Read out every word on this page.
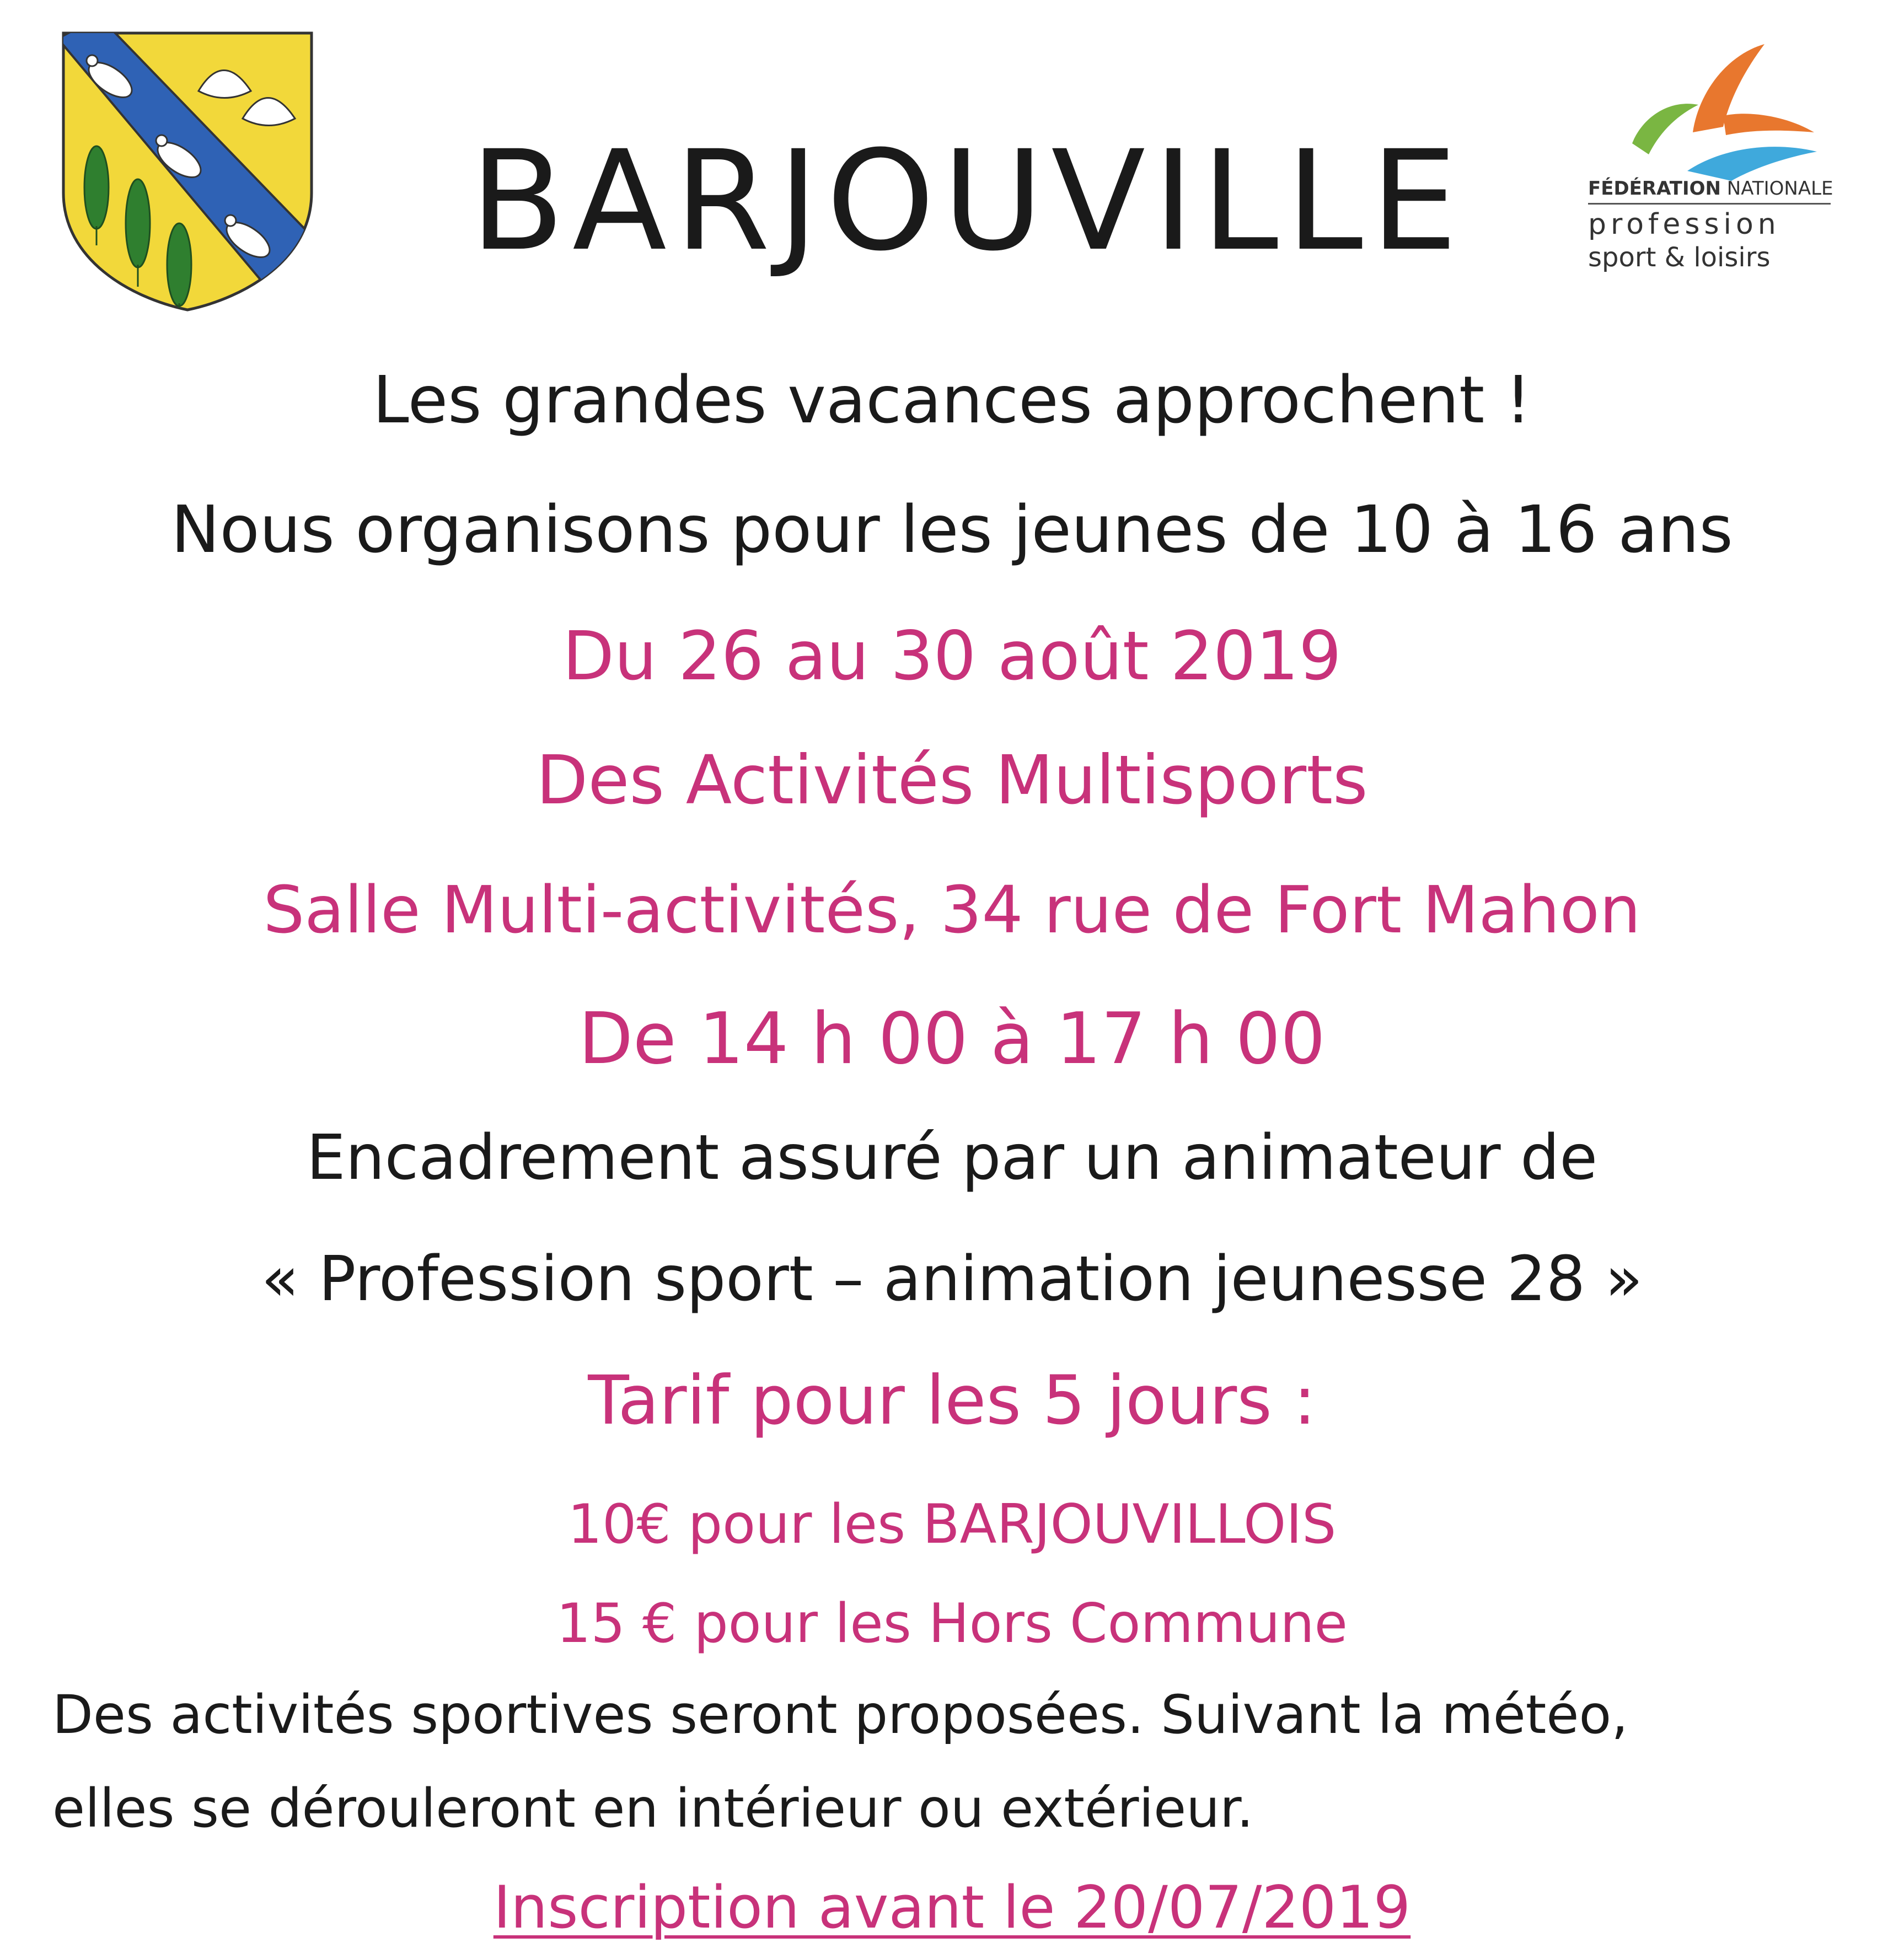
FÉDÉRATION NATIONALE
profession
sport & loisirs
BARJOUVILLE
Les grandes vacances approchent !
Nous organisons pour les jeunes de 10 à 16 ans
Du 26 au 30 août 2019
Des Activités Multisports
Salle Multi-activités, 34 rue de Fort Mahon
De 14 h 00 à 17 h 00
Encadrement assuré par un animateur de
« Profession sport – animation jeunesse 28 »
Tarif pour les 5 jours :
10€ pour les BARJOUVILLOIS
15 € pour les Hors Commune
Des activités sportives seront proposées. Suivant la météo,
elles se dérouleront en intérieur ou extérieur.
Inscription avant le 20/07/2019
